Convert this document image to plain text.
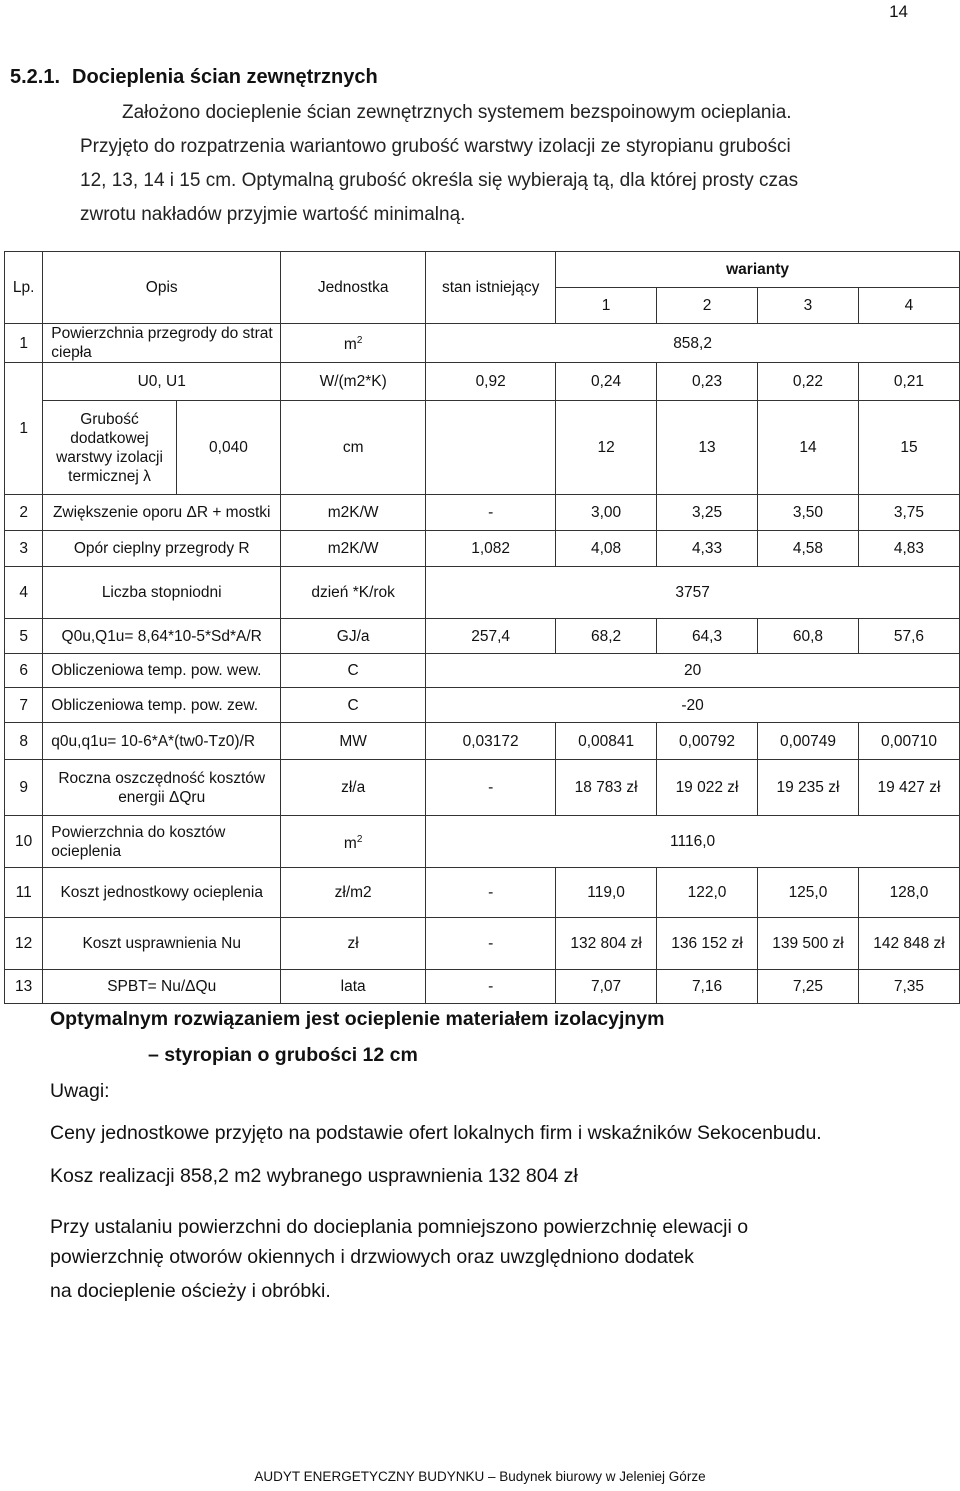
14
5.2.1. Docieplenia ścian zewnętrznych
Założono docieplenie ścian zewnętrznych systemem bezspoinowym ocieplania.
Przyjęto do rozpatrzenia wariantowo grubość warstwy izolacji ze styropianu grubości
12, 13, 14 i 15 cm. Optymalną grubość określa się wybierają tą, dla której prosty czas
zwrotu nakładów przyjmie wartość minimalną.
Lp.	Opis		Jednostka	stan istniejący	warianty			
					1	2	3	4
1	Powierzchnia przegrody do strat ciepła		$m^2$	858,2				
1	U0, U1		W/(m2*K)	0,92	0,24	0,23	0,22	0,21
	Grubość dodatkowej warstwy izolacji termicznej λ	0,040	cm		12	13	14	15
2	Zwiększenie oporu ΔR + mostki		m2K/W	-	3,00	3,25	3,50	3,75
3	Opór cieplny przegrody R		m2K/W	1,082	4,08	4,33	4,58	4,83
4	Liczba stopniodni		dzień *K/rok	3757				
5	Q0u,Q1u= 8,64*10-5*Sd*A/R		GJ/a	257,4	68,2	64,3	60,8	57,6
6	Obliczeniowa temp. pow. wew.		C	20				
7	Obliczeniowa temp. pow. zew.		C	-20				
8	q0u,q1u= 10-6*A*(tw0-Tz0)/R		MW	0,03172	0,00841	0,00792	0,00749	0,00710
9	Roczna oszczędność kosztów energii ΔQru		zł/a	-	18 783 zł	19 022 zł	19 235 zł	19 427 zł
10	Powierzchnia do kosztów ocieplenia		$m^2$	1116,0				
11	Koszt jednostkowy ocieplenia		zł/m2	-	119,0	122,0	125,0	128,0
12	Koszt usprawnienia Nu		zł	-	132 804 zł	136 152 zł	139 500 zł	142 848 zł
13	SPBT= Nu/ΔQu		lata	-	7,07	7,16	7,25	7,35
Optymalnym rozwiązaniem jest ocieplenie materiałem izolacyjnym
– styropian o grubości 12 cm
Uwagi:
Ceny jednostkowe przyjęto na podstawie ofert lokalnych firm i wskaźników Sekocenbudu.
Kosz realizacji 858,2 m2 wybranego usprawnienia 132 804 zł
Przy ustalaniu powierzchni do docieplania pomniejszono powierzchnię elewacji o
powierzchnię otworów okiennych i drzwiowych oraz uwzględniono dodatek
na docieplenie ościeży i obróbki.
AUDYT ENERGETYCZNY BUDYNKU – Budynek biurowy w Jeleniej Górze
